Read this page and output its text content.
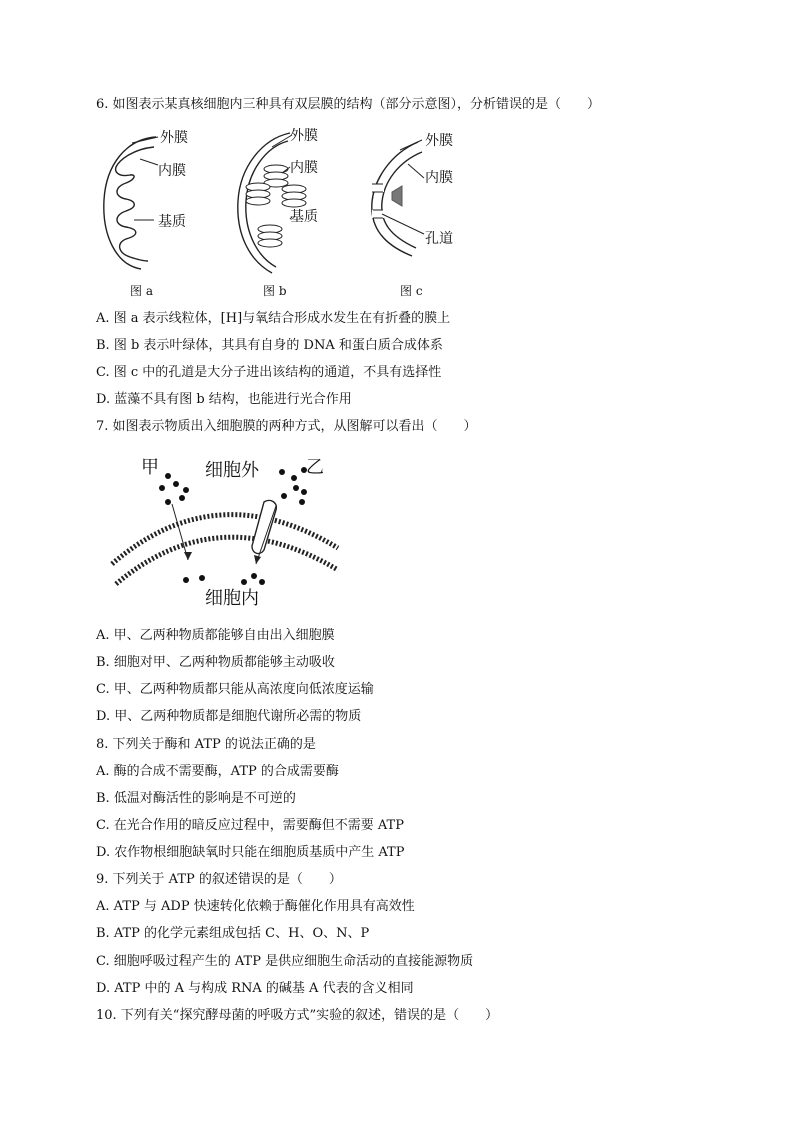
6. 如图表示某真核细胞内三种具有双层膜的结构（部分示意图），分析错误的是（　　）
外膜
内膜
基质
图 a
外膜
内膜
基质
图 b
外膜
内膜
孔道
图 c
A. 图 a 表示线粒体，[H]与氧结合形成水发生在有折叠的膜上
B. 图 b 表示叶绿体，其具有自身的 DNA 和蛋白质合成体系
C. 图 c 中的孔道是大分子进出该结构的通道，不具有选择性
D. 蓝藻不具有图 b 结构，也能进行光合作用
7. 如图表示物质出入细胞膜的两种方式，从图解可以看出（　　）
甲	细胞外	乙
细胞内
A. 甲、乙两种物质都能够自由出入细胞膜
B. 细胞对甲、乙两种物质都能够主动吸收
C. 甲、乙两种物质都只能从高浓度向低浓度运输
D. 甲、乙两种物质都是细胞代谢所必需的物质
8. 下列关于酶和 ATP 的说法正确的是
A. 酶的合成不需要酶，ATP 的合成需要酶
B. 低温对酶活性的影响是不可逆的
C. 在光合作用的暗反应过程中，需要酶但不需要 ATP
D. 农作物根细胞缺氧时只能在细胞质基质中产生 ATP
9. 下列关于 ATP 的叙述错误的是（　　）
A. ATP 与 ADP 快速转化依赖于酶催化作用具有高效性
B. ATP 的化学元素组成包括 C、H、O、N、P
C. 细胞呼吸过程产生的 ATP 是供应细胞生命活动的直接能源物质
D. ATP 中的 A 与构成 RNA 的碱基 A 代表的含义相同
10. 下列有关“探究酵母菌的呼吸方式”实验的叙述，错误的是（　　）
